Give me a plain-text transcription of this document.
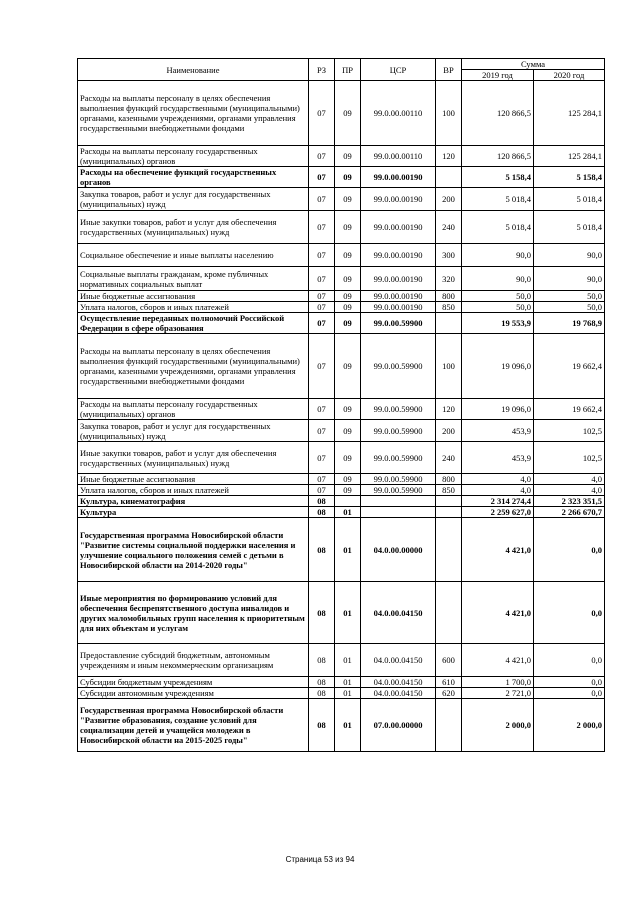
Наименование	РЗ	ПР	ЦСР	ВР	Сумма	
					2019 год	2020 год
Расходы на выплаты персоналу в целях обеспечения выполнения функций государственными (муниципальными) органами, казенными учреждениями, органами управления государственными внебюджетными фондами	07	09	99.0.00.00110	100	120 866,5	125 284,1
Расходы на выплаты персоналу государственных (муниципальных) органов	07	09	99.0.00.00110	120	120 866,5	125 284,1
Расходы на обеспечение функций государственных органов	07	09	99.0.00.00190		5 158,4	5 158,4
Закупка товаров, работ и услуг для государственных (муниципальных) нужд	07	09	99.0.00.00190	200	5 018,4	5 018,4
Иные закупки товаров, работ и услуг для обеспечения государственных (муниципальных) нужд	07	09	99.0.00.00190	240	5 018,4	5 018,4
Социальное обеспечение и иные выплаты населению	07	09	99.0.00.00190	300	90,0	90,0
Социальные выплаты гражданам, кроме публичных нормативных социальных выплат	07	09	99.0.00.00190	320	90,0	90,0
Иные бюджетные ассигнования	07	09	99.0.00.00190	800	50,0	50,0
Уплата налогов, сборов и иных платежей	07	09	99.0.00.00190	850	50,0	50,0
Осуществление переданных полномочий Российской Федерации в сфере образования	07	09	99.0.00.59900		19 553,9	19 768,9
Расходы на выплаты персоналу в целях обеспечения выполнения функций государственными (муниципальными) органами, казенными учреждениями, органами управления государственными внебюджетными фондами	07	09	99.0.00.59900	100	19 096,0	19 662,4
Расходы на выплаты персоналу государственных (муниципальных) органов	07	09	99.0.00.59900	120	19 096,0	19 662,4
Закупка товаров, работ и услуг для государственных (муниципальных) нужд	07	09	99.0.00.59900	200	453,9	102,5
Иные закупки товаров, работ и услуг для обеспечения государственных (муниципальных) нужд	07	09	99.0.00.59900	240	453,9	102,5
Иные бюджетные ассигнования	07	09	99.0.00.59900	800	4,0	4,0
Уплата налогов, сборов и иных платежей	07	09	99.0.00.59900	850	4,0	4,0
Культура, кинематография	08				2 314 274,4	2 323 351,5
Культура	08	01			2 259 627,0	2 266 670,7
Государственная программа Новосибирской области "Развитие системы социальной поддержки населения и улучшение социального положения семей с детьми в Новосибирской области на 2014-2020 годы"	08	01	04.0.00.00000		4 421,0	0,0
Иные мероприятия по формированию условий для обеспечения беспрепятственного доступа инвалидов и других маломобильных групп населения к приоритетным для них объектам и услугам	08	01	04.0.00.04150		4 421,0	0,0
Предоставление субсидий бюджетным, автономным учреждениям и иным некоммерческим организациям	08	01	04.0.00.04150	600	4 421,0	0,0
Субсидии бюджетным учреждениям	08	01	04.0.00.04150	610	1 700,0	0,0
Субсидии автономным учреждениям	08	01	04.0.00.04150	620	2 721,0	0,0
Государственная программа Новосибирской области "Развитие образования, создание условий для социализации детей и учащейся молодежи в Новосибирской области на 2015-2025 годы"	08	01	07.0.00.00000		2 000,0	2 000,0
Страница 53 из 94
